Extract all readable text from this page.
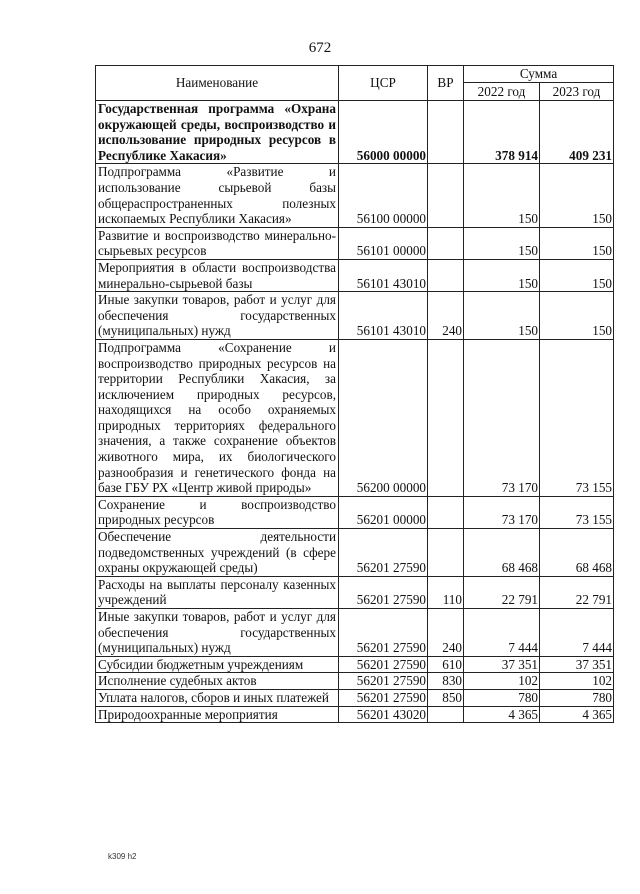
672
Наименование	ЦСР	ВР	Сумма	
			2022 год	2023 год
Государственная программа «Охрана окружающей среды, воспроизводство и использование природных ресурсов в Республике Хакасия»	56000 00000		378 914	409 231
Подпрограмма «Развитие и использование сырьевой базы общераспространенных полезных ископаемых Республики Хакасия»	56100 00000		150	150
Развитие и воспроизводство минерально-сырьевых ресурсов	56101 00000		150	150
Мероприятия в области воспроизводства минерально-сырьевой базы	56101 43010		150	150
Иные закупки товаров, работ и услуг для обеспечения государственных (муниципальных) нужд	56101 43010	240	150	150
Подпрограмма «Сохранение и воспроизводство природных ресурсов на территории Республики Хакасия, за исключением природных ресурсов, находящихся на особо охраняемых природных территориях федерального значения, а также сохранение объектов животного мира, их биологического разнообразия и генетического фонда на базе ГБУ РХ «Центр живой природы»	56200 00000		73 170	73 155
Сохранение и воспроизводство природных ресурсов	56201 00000		73 170	73 155
Обеспечение деятельности подведомственных учреждений (в сфере охраны окружающей среды)	56201 27590		68 468	68 468
Расходы на выплаты персоналу казенных учреждений	56201 27590	110	22 791	22 791
Иные закупки товаров, работ и услуг для обеспечения государственных (муниципальных) нужд	56201 27590	240	7 444	7 444
Субсидии бюджетным учреждениям	56201 27590	610	37 351	37 351
Исполнение судебных актов	56201 27590	830	102	102
Уплата налогов, сборов и иных платежей	56201 27590	850	780	780
Природоохранные мероприятия	56201 43020		4 365	4 365
k309 h2
